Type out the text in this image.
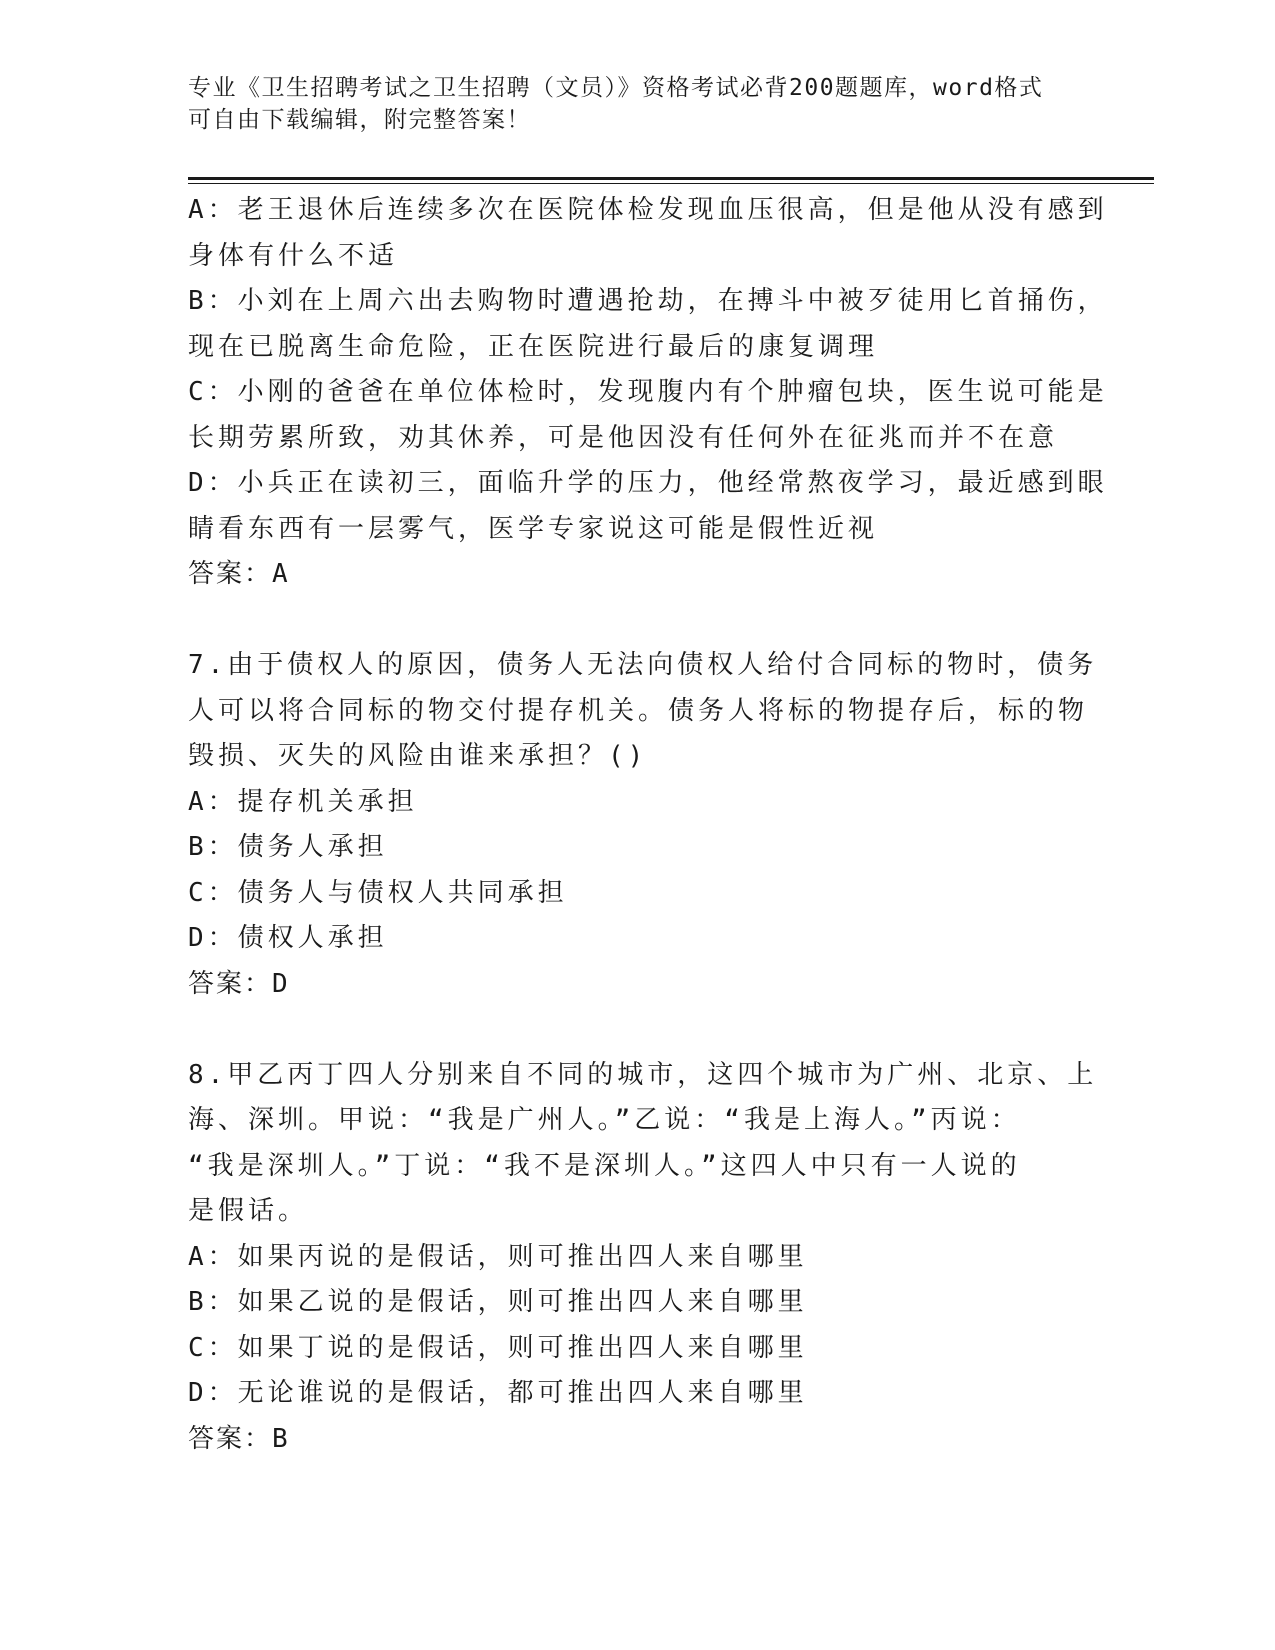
专业《卫生招聘考试之卫生招聘（文员）》资格考试必背200题题库，word格式
可自由下载编辑，附完整答案！
A：老王退休后连续多次在医院体检发现血压很高，但是他从没有感到
身体有什么不适
B：小刘在上周六出去购物时遭遇抢劫，在搏斗中被歹徒用匕首捅伤，
现在已脱离生命危险，正在医院进行最后的康复调理
C：小刚的爸爸在单位体检时，发现腹内有个肿瘤包块，医生说可能是
长期劳累所致，劝其休养，可是他因没有任何外在征兆而并不在意
D：小兵正在读初三，面临升学的压力，他经常熬夜学习，最近感到眼
睛看东西有一层雾气，医学专家说这可能是假性近视
答案：A
7.由于债权人的原因，债务人无法向债权人给付合同标的物时，债务
人可以将合同标的物交付提存机关。债务人将标的物提存后，标的物
毁损、灭失的风险由谁来承担？()
A：提存机关承担
B：债务人承担
C：债务人与债权人共同承担
D：债权人承担
答案：D
8.甲乙丙丁四人分别来自不同的城市，这四个城市为广州、北京、上
海、深圳。甲说：“我是广州人。”乙说：“我是上海人。”丙说：
“我是深圳人。”丁说：“我不是深圳人。”这四人中只有一人说的
是假话。
A：如果丙说的是假话，则可推出四人来自哪里
B：如果乙说的是假话，则可推出四人来自哪里
C：如果丁说的是假话，则可推出四人来自哪里
D：无论谁说的是假话，都可推出四人来自哪里
答案：B
